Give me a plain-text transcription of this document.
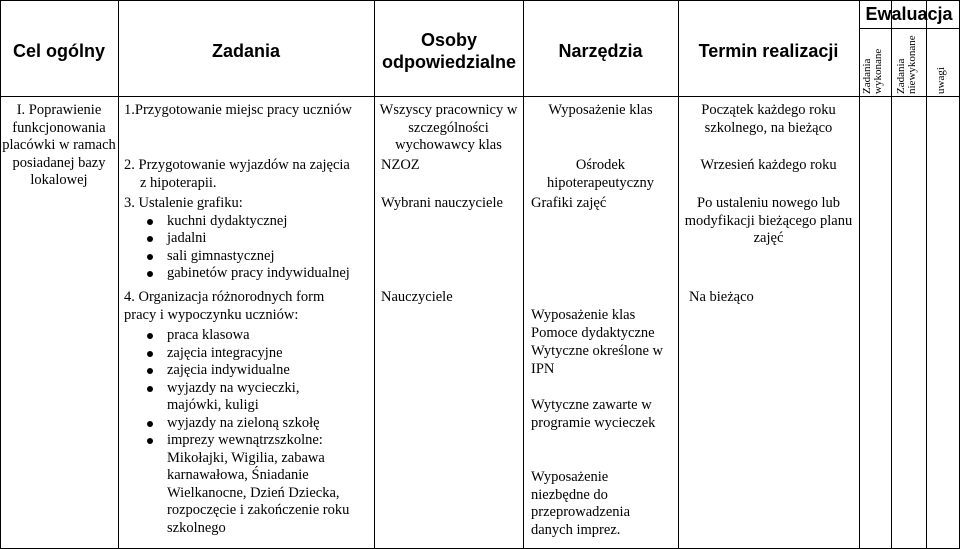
Cel ogólny	Zadania
Osoby odpowiedzialne
Narzędzia	Termin realizacji
Ewaluacja
Zadania wykonane Zadania niewykonane uwagi
I. Poprawienie funkcjonowania placówki w ramach posiadanej bazy lokalowej
1.Przygotowanie miejsc pracy uczniów
2. Przygotowanie wyjazdów na zajęcia
z hipoterapii.
3. Ustalenie grafiku:
kuchni dydaktycznej
jadalni
sali gimnastycznej
gabinetów pracy indywidualnej
4. Organizacja różnorodnych form pracy i wypoczynku uczniów:
praca klasowa
zajęcia integracyjne
zajęcia indywidualne
wyjazdy na wycieczki, majówki, kuligi
wyjazdy na zieloną szkołę
imprezy wewnątrzszkolne: Mikołajki, Wigilia, zabawa karnawałowa, Śniadanie Wielkanocne, Dzień Dziecka, rozpoczęcie i zakończenie roku szkolnego
Wszyscy pracownicy w szczególności wychowawcy klas
NZOZ
Wybrani nauczyciele
Nauczyciele
Wyposażenie klas
Ośrodek hipoterapeutyczny
Grafiki zajęć
Wyposażenie klas
Pomoce dydaktyczne
Wytyczne określone w IPN
Wytyczne zawarte w programie wycieczek
Wyposażenie niezbędne do przeprowadzenia danych imprez.
Początek każdego roku szkolnego, na bieżąco
Wrzesień każdego roku
Po ustaleniu nowego lub modyfikacji bieżącego planu zajęć
Na bieżąco
